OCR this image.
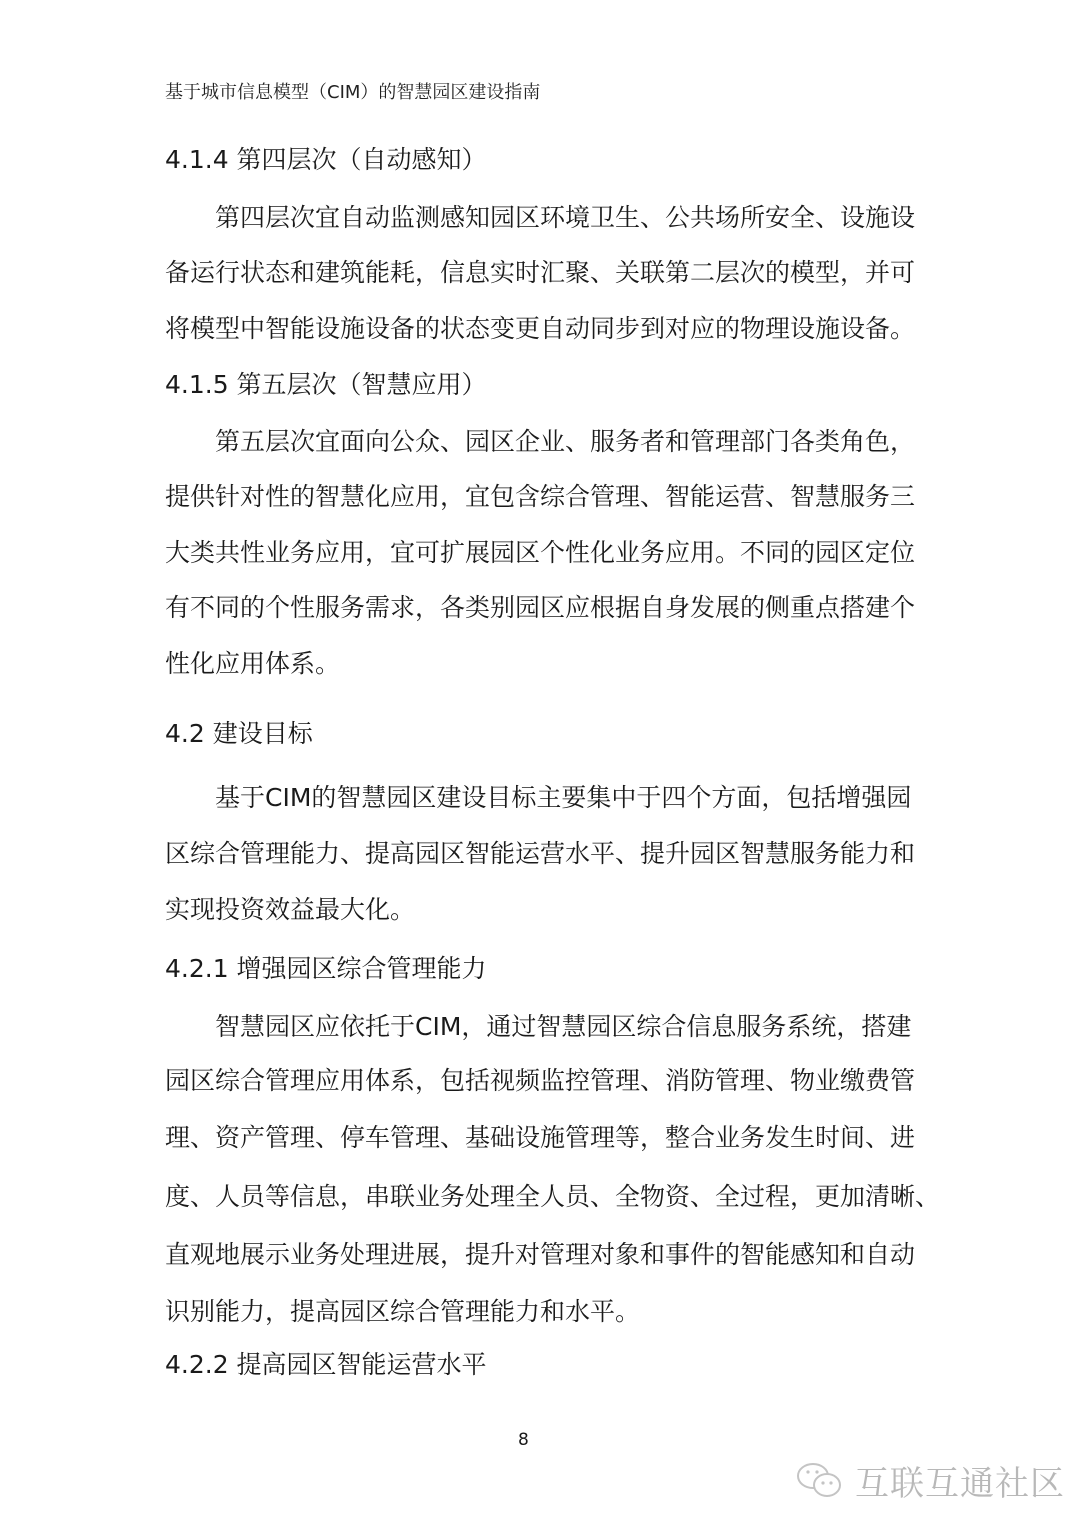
基于城市信息模型（CIM）的智慧园区建设指南
4.1.4 第四层次（自动感知）
第四层次宜自动监测感知园区环境卫生、公共场所安全、设施设
备运行状态和建筑能耗，信息实时汇聚、关联第二层次的模型，并可
将模型中智能设施设备的状态变更自动同步到对应的物理设施设备。
4.1.5 第五层次（智慧应用）
第五层次宜面向公众、园区企业、服务者和管理部门各类角色，
提供针对性的智慧化应用，宜包含综合管理、智能运营、智慧服务三
大类共性业务应用，宜可扩展园区个性化业务应用。不同的园区定位
有不同的个性服务需求，各类别园区应根据自身发展的侧重点搭建个
性化应用体系。
4.2 建设目标
基于CIM的智慧园区建设目标主要集中于四个方面，包括增强园
区综合管理能力、提高园区智能运营水平、提升园区智慧服务能力和
实现投资效益最大化。
4.2.1 增强园区综合管理能力
智慧园区应依托于CIM，通过智慧园区综合信息服务系统，搭建
园区综合管理应用体系，包括视频监控管理、消防管理、物业缴费管
理、资产管理、停车管理、基础设施管理等，整合业务发生时间、进
度、人员等信息，串联业务处理全人员、全物资、全过程，更加清晰、
直观地展示业务处理进展，提升对管理对象和事件的智能感知和自动
识别能力，提高园区综合管理能力和水平。
4.2.2 提高园区智能运营水平
8
互联互通社区
